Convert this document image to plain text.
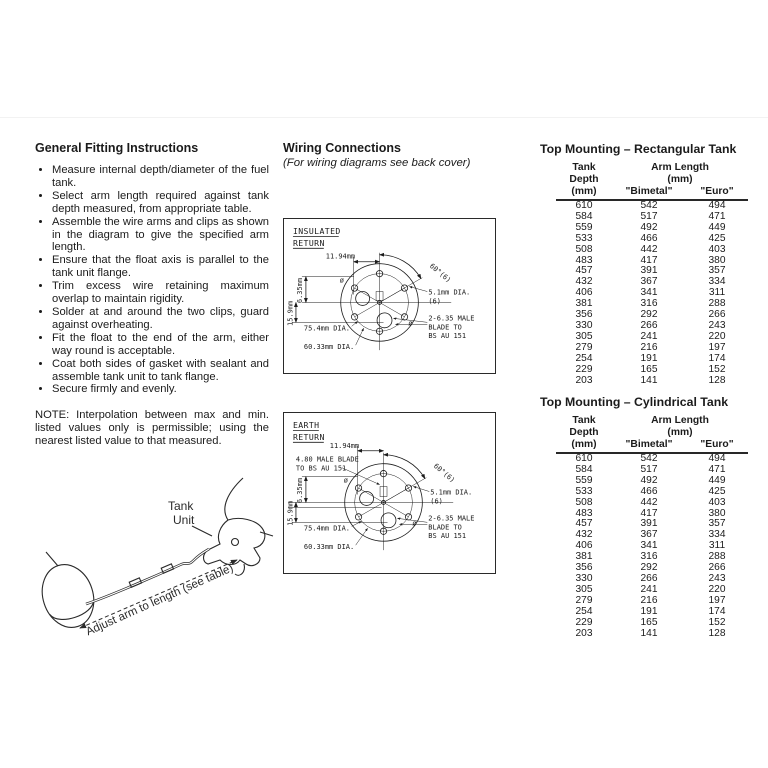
General Fitting Instructions
• Measure internal depth/diameter of the fuel tank.
• Select arm length required against tank depth measured, from appropriate table.
• Assemble the wire arms and clips as shown in the diagram to give the specified arm length.
• Ensure that the float axis is parallel to the tank unit flange.
• Trim excess wire retaining maximum overlap to maintain rigidity.
• Solder at and around the two clips, guard against overheating.
• Fit the float to the end of the arm, either way round is acceptable.
• Coat both sides of gasket with sealant and assemble tank unit to tank flange.
• Secure firmly and evenly.

NOTE: Interpolation between max and min. listed values only is permissible; using the nearest listed value to that measured.

Tank
Unit
Adjust arm to length (see table)
Wiring Connections
(For wiring diagrams see back cover)
INSULATED
RETURN
11.94mm
60°(6)
6.35mm
15.9mm
5.1mm DIA.
(6)
2-6.35 MALE
BLADE TO
BS AU 151
75.4mm DIA.
60.33mm DIA.
ø
ø
EARTH
RETURN
11.94mm
60°(6)
4.80 MALE BLADE
TO BS AU 151
6.35mm
15.9mm
5.1mm DIA.
(6)
2-6.35 MALE
BLADE TO
BS AU 151
75.4mm DIA.
60.33mm DIA.
ø
ø
Top Mounting – Rectangular Tank
Tank	Arm Length	
Depth	(mm)	
(mm)	"Bimetal"	"Euro"
610	542	494
584	517	471
559	492	449
533	466	425
508	442	403
483	417	380
457	391	357
432	367	334
406	341	311
381	316	288
356	292	266
330	266	243
305	241	220
279	216	197
254	191	174
229	165	152
203	141	128
Top Mounting – Cylindrical Tank
Tank	Arm Length	
Depth	(mm)	
(mm)	"Bimetal"	"Euro"
610	542	494
584	517	471
559	492	449
533	466	425
508	442	403
483	417	380
457	391	357
432	367	334
406	341	311
381	316	288
356	292	266
330	266	243
305	241	220
279	216	197
254	191	174
229	165	152
203	141	128
